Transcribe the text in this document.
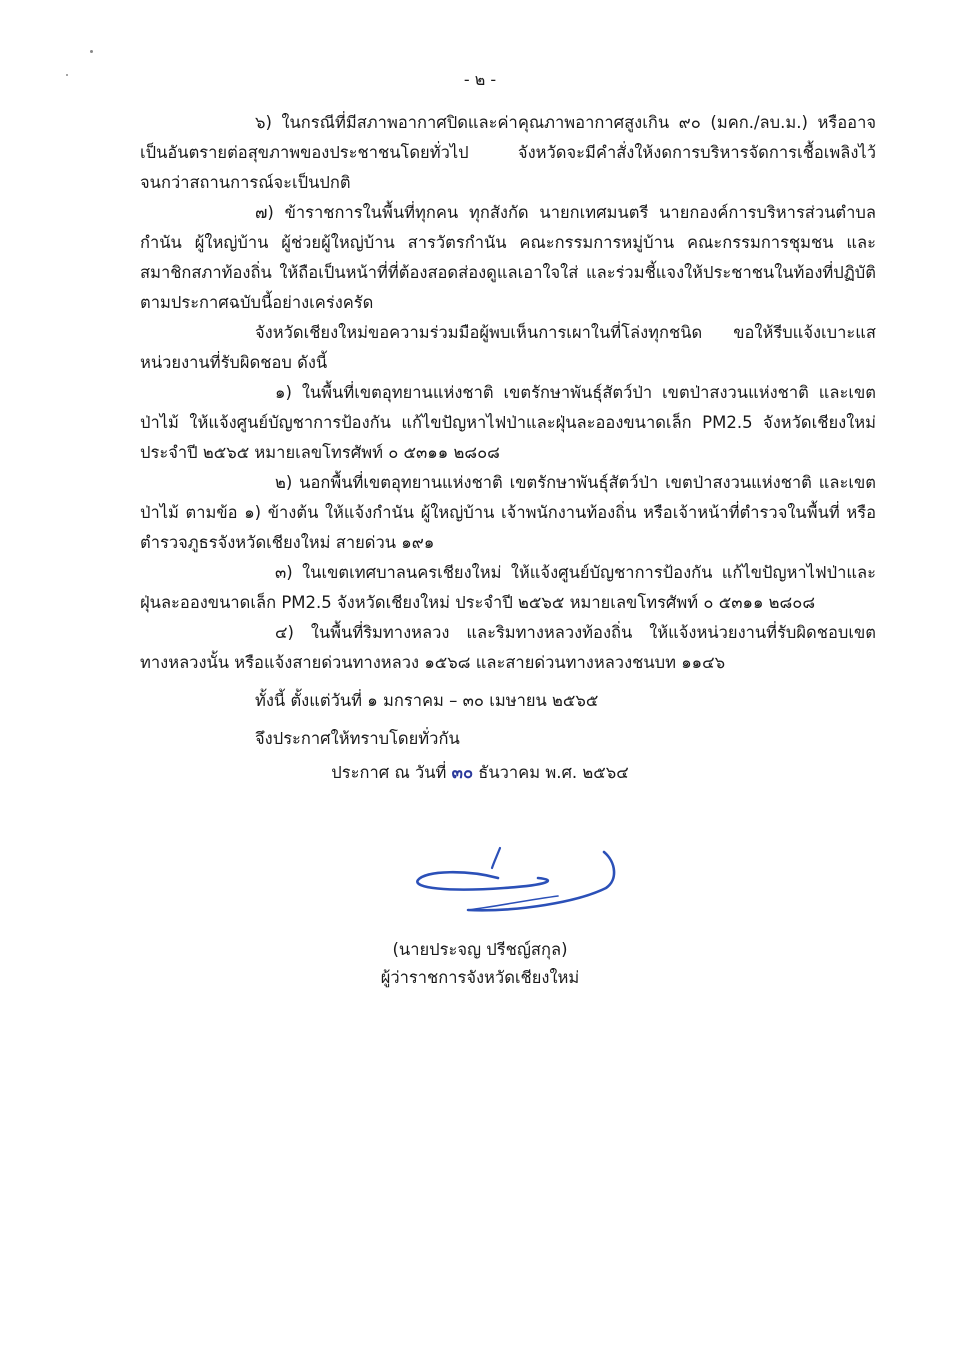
- ๒ -

๖) ในกรณีที่มีสภาพอากาศปิดและค่าคุณภาพอากาศสูงเกิน ๙๐ (มคก./ลบ.ม.) หรืออาจเป็นอันตรายต่อสุขภาพของประชาชนโดยทั่วไป จังหวัดจะมีคำสั่งให้งดการบริหารจัดการเชื้อเพลิงไว้จนกว่าสถานการณ์จะเป็นปกติ

๗) ข้าราชการในพื้นที่ทุกคน ทุกสังกัด นายกเทศมนตรี นายกองค์การบริหารส่วนตำบล กำนัน ผู้ใหญ่บ้าน ผู้ช่วยผู้ใหญ่บ้าน สารวัตรกำนัน คณะกรรมการหมู่บ้าน คณะกรรมการชุมชน และสมาชิกสภาท้องถิ่น ให้ถือเป็นหน้าที่ที่ต้องสอดส่องดูแลเอาใจใส่ และร่วมชี้แจงให้ประชาชนในท้องที่ปฏิบัติตามประกาศฉบับนี้อย่างเคร่งครัด

จังหวัดเชียงใหม่ขอความร่วมมือผู้พบเห็นการเผาในที่โล่งทุกชนิด ขอให้รีบแจ้งเบาะแสหน่วยงานที่รับผิดชอบ ดังนี้

๑) ในพื้นที่เขตอุทยานแห่งชาติ เขตรักษาพันธุ์สัตว์ป่า เขตป่าสงวนแห่งชาติ และเขตป่าไม้ ให้แจ้งศูนย์บัญชาการป้องกัน แก้ไขปัญหาไฟป่าและฝุ่นละอองขนาดเล็ก PM2.5 จังหวัดเชียงใหม่ ประจำปี ๒๕๖๕ หมายเลขโทรศัพท์ ๐ ๕๓๑๑ ๒๘๐๘

๒) นอกพื้นที่เขตอุทยานแห่งชาติ เขตรักษาพันธุ์สัตว์ป่า เขตป่าสงวนแห่งชาติ และเขตป่าไม้ ตามข้อ ๑) ข้างต้น ให้แจ้งกำนัน ผู้ใหญ่บ้าน เจ้าพนักงานท้องถิ่น หรือเจ้าหน้าที่ตำรวจในพื้นที่ หรือตำรวจภูธรจังหวัดเชียงใหม่ สายด่วน ๑๙๑

๓) ในเขตเทศบาลนครเชียงใหม่ ให้แจ้งศูนย์บัญชาการป้องกัน แก้ไขปัญหาไฟป่าและฝุ่นละอองขนาดเล็ก PM2.5 จังหวัดเชียงใหม่ ประจำปี ๒๕๖๕ หมายเลขโทรศัพท์ ๐ ๕๓๑๑ ๒๘๐๘

๔) ในพื้นที่ริมทางหลวง และริมทางหลวงท้องถิ่น ให้แจ้งหน่วยงานที่รับผิดชอบเขตทางหลวงนั้น หรือแจ้งสายด่วนทางหลวง ๑๕๖๘ และสายด่วนทางหลวงชนบท ๑๑๔๖

ทั้งนี้ ตั้งแต่วันที่ ๑ มกราคม – ๓๐ เมษายน ๒๕๖๕

จึงประกาศให้ทราบโดยทั่วกัน

ประกาศ ณ วันที่ ๓๐ ธันวาคม พ.ศ. ๒๕๖๔
(นายประจญ ปรีชญ์สกุล)
ผู้ว่าราชการจังหวัดเชียงใหม่
